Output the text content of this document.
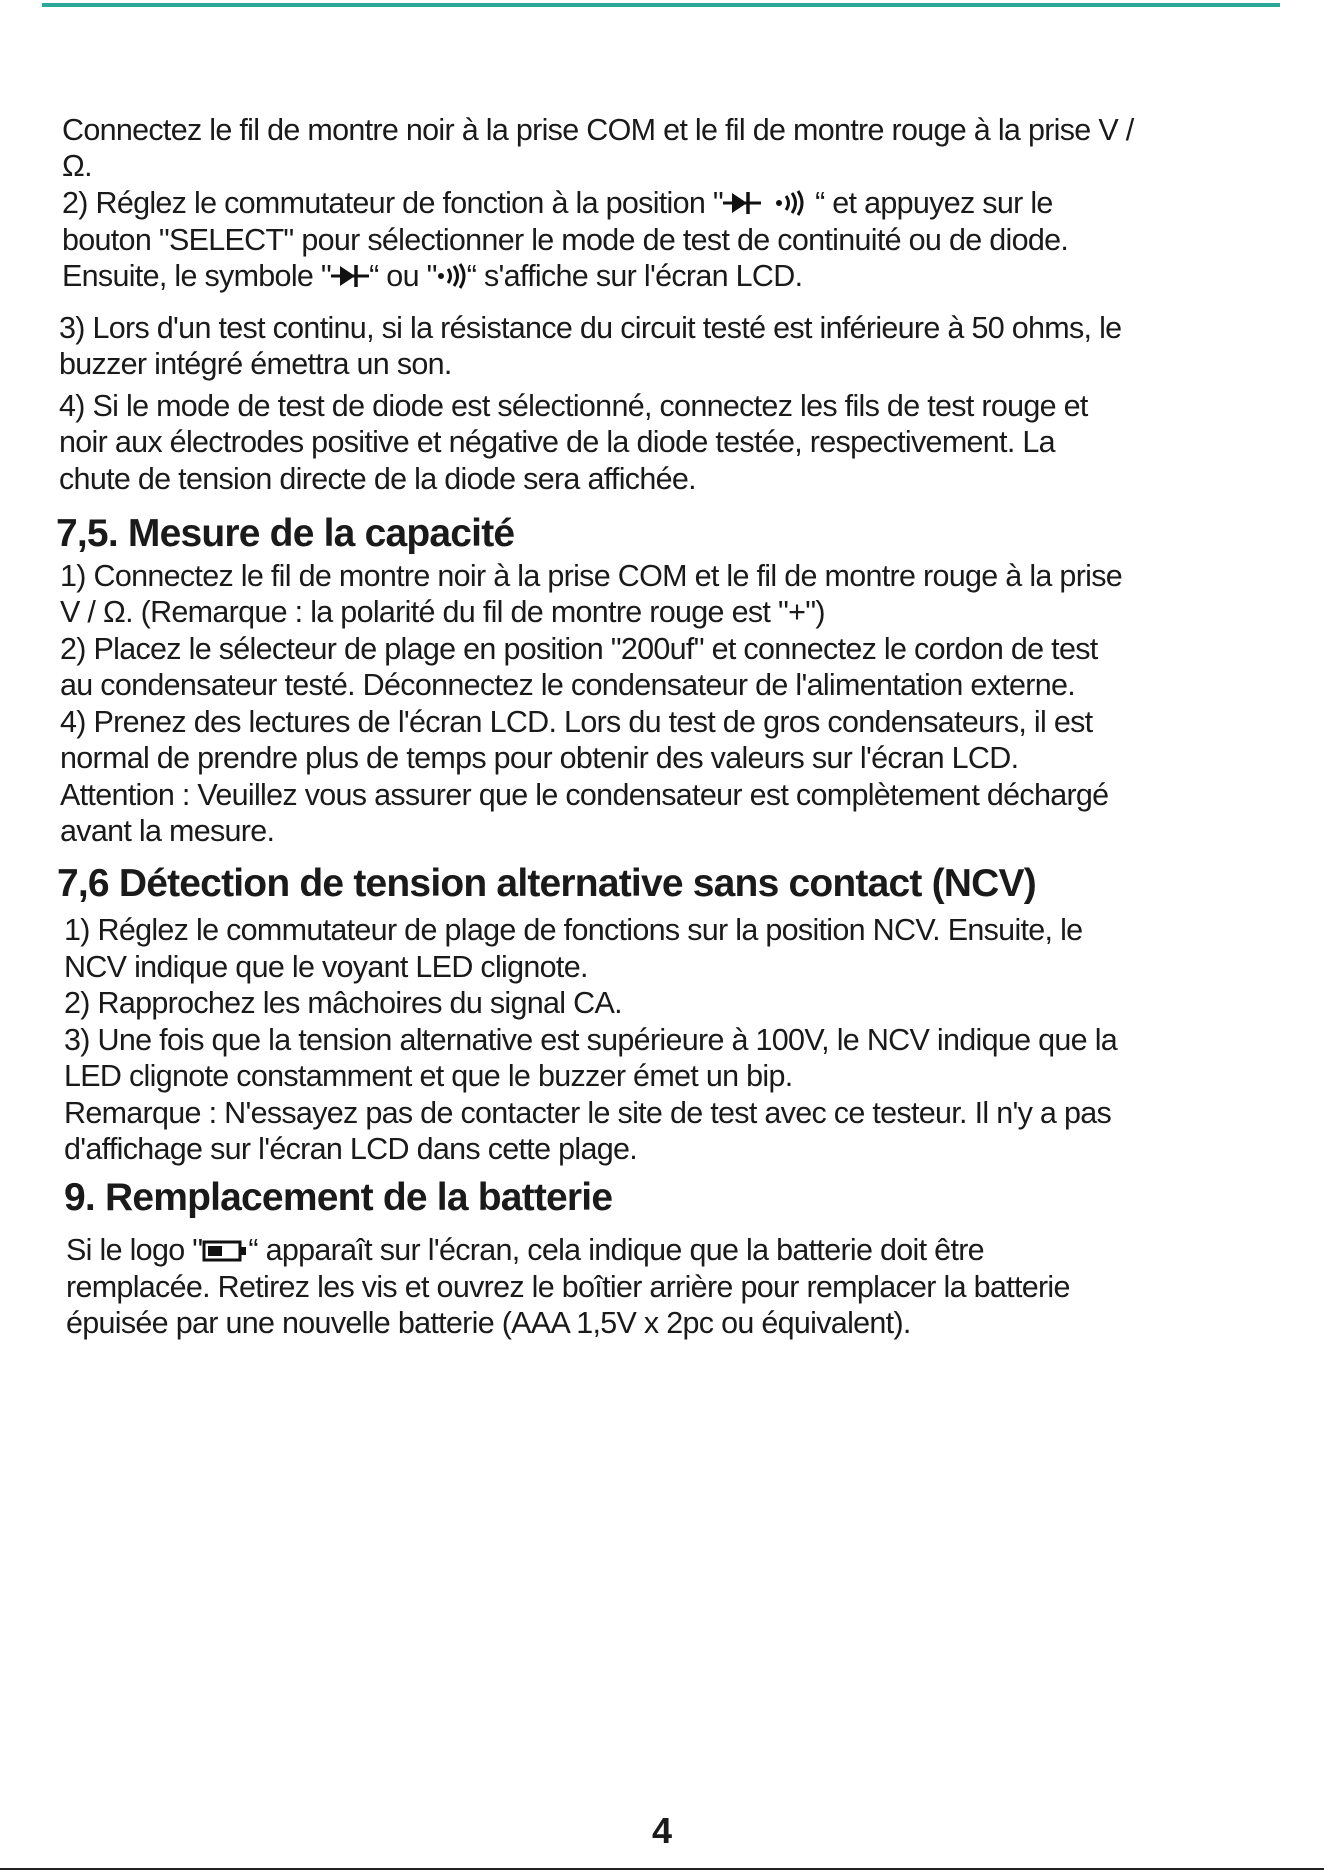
Connectez le fil de montre noir à la prise COM et le fil de montre rouge à la prise V /

Ω.

2) Réglez le commutateur de fonction à la position "	“ et appuyez sur le

bouton "SELECT" pour sélectionner le mode de test de continuité ou de diode.

Ensuite, le symbole " “ ou " “ s'affiche sur l'écran LCD.

3) Lors d'un test continu, si la résistance du circuit testé est inférieure à 50 ohms, le

buzzer intégré émettra un son.

4) Si le mode de test de diode est sélectionné, connectez les fils de test rouge et

noir aux électrodes positive et négative de la diode testée, respectivement. La

chute de tension directe de la diode sera affichée.

7,5. Mesure de la capacité

1) Connectez le fil de montre noir à la prise COM et le fil de montre rouge à la prise

V / Ω. (Remarque : la polarité du fil de montre rouge est "+")

2) Placez le sélecteur de plage en position "200uf" et connectez le cordon de test

au condensateur testé. Déconnectez le condensateur de l'alimentation externe.

4) Prenez des lectures de l'écran LCD. Lors du test de gros condensateurs, il est

normal de prendre plus de temps pour obtenir des valeurs sur l'écran LCD.

Attention : Veuillez vous assurer que le condensateur est complètement déchargé

avant la mesure.

7,6 Détection de tension alternative sans contact (NCV)

1) Réglez le commutateur de plage de fonctions sur la position NCV. Ensuite, le

NCV indique que le voyant LED clignote.

2) Rapprochez les mâchoires du signal CA.

3) Une fois que la tension alternative est supérieure à 100V, le NCV indique que la

LED clignote constamment et que le buzzer émet un bip.

Remarque : N'essayez pas de contacter le site de test avec ce testeur. Il n'y a pas

d'affichage sur l'écran LCD dans cette plage.

9. Remplacement de la batterie

Si le logo " “ apparaît sur l'écran, cela indique que la batterie doit être

remplacée. Retirez les vis et ouvrez le boîtier arrière pour remplacer la batterie

épuisée par une nouvelle batterie (AAA 1,5V x 2pc ou équivalent).

4
